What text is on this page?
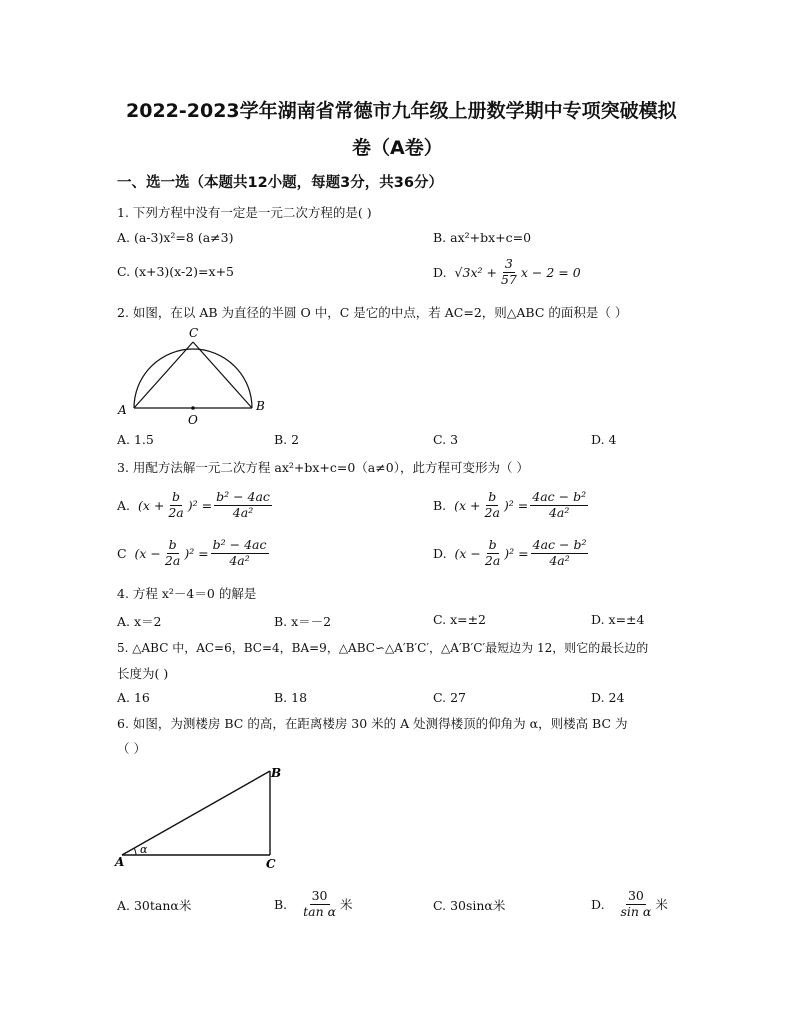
2022-2023学年湖南省常德市九年级上册数学期中专项突破模拟
卷（A卷）
一、选一选（本题共12小题，每题3分，共36分）
1. 下列方程中没有一定是一元二次方程的是( )
A. (a-3)x²=8 (a≠3)	B. ax²+bx+c=0
C. (x+3)(x-2)=x+5	D.
√3 $x^2 + \frac{3}{57}$ x − 2 = 0
2. 如图，在以 AB 为直径的半圆 O 中，C 是它的中点，若 AC=2，则△ABC 的面积是（ ）
A	B
C
O
A. 1.5	B. 2	C. 3	D. 4
3. 用配方法解一元二次方程 ax²+bx+c=0（a≠0），此方程可变形为（ ）
A.
$(x + \frac{b}{2a} )^2 = \frac{\text{b² − 4ac}}{\text{4a²}}$	B.
$(x + \frac{b}{2a} )^2 = \frac{\text{4ac − b²}}{\text{4a²}}$
C
$(x - \frac{b}{2a} )^2 = \frac{\text{b² − 4ac}}{\text{4a²}}$	D.
$(x - \frac{b}{2a} )^2 = \frac{\text{4ac − b²}}{\text{4a²}}$
4. 方程 x²－4＝0 的解是
A. x＝2	B. x＝－2	C. x=±2	D. x=±4
5. △ABC 中，AC=6，BC=4，BA=9，△ABC∽△A′B′C′，△A′B′C′最短边为 12，则它的最长边的
长度为( )
A. 16	B. 18	C. 27	D. 24
6. 如图，为测楼房 BC 的高，在距离楼房 30 米的 A 处测得楼顶的仰角为 α，则楼高 BC 为
（ ）
A
B
C
α
A. 30tanα米	B.
$\frac{30}{\text{tan α}}$ 米	C. 30sinα米	D.
$\frac{30}{\text{sin α}}$ 米
